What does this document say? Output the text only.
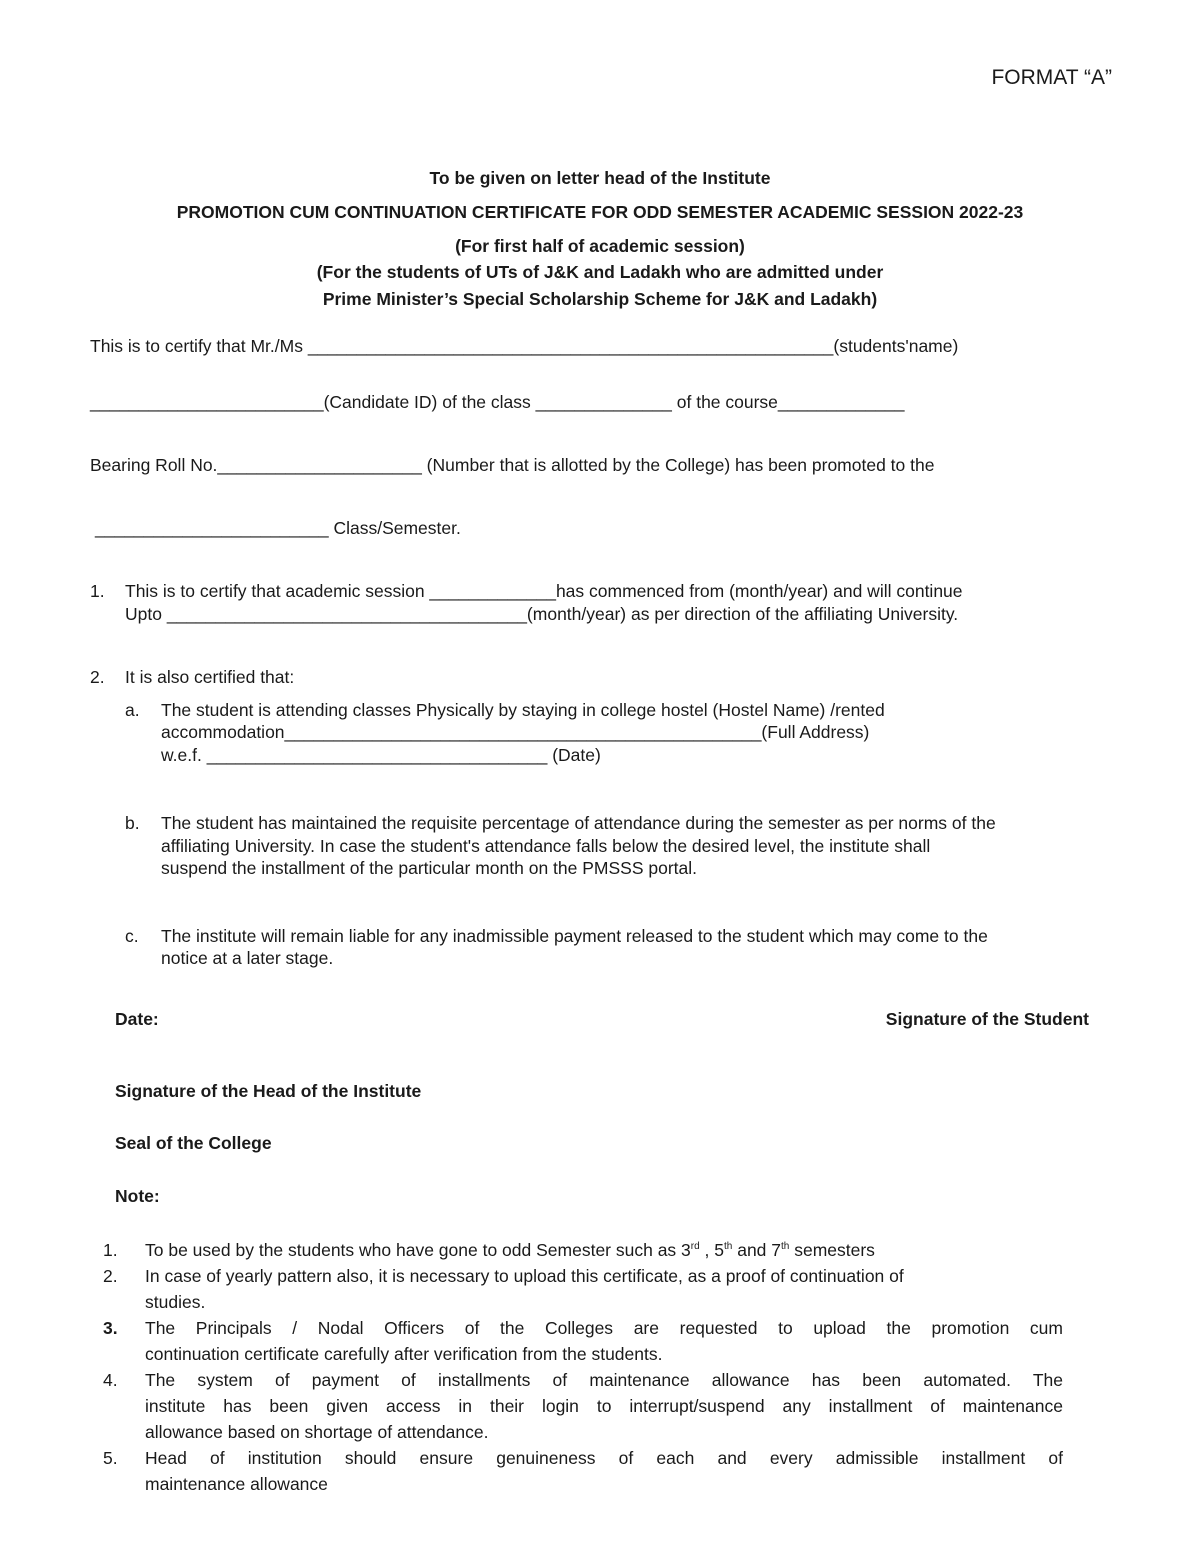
FORMAT “A”
To be given on letter head of the Institute
PROMOTION CUM CONTINUATION CERTIFICATE FOR ODD SEMESTER ACADEMIC SESSION 2022-23
(For first half of academic session)
(For the students of UTs of J&K and Ladakh who are admitted under
Prime Minister’s Special Scholarship Scheme for J&K and Ladakh)
This is to certify that Mr./Ms ______________________________________________________(students'name)
________________________(Candidate ID) of the class ______________ of the course_____________
Bearing Roll No._____________________ (Number that is allotted by the College) has been promoted to the
________________________ Class/Semester.
1. This is to certify that academic session _____________has commenced from (month/year) and will continue
Upto _____________________________________(month/year) as per direction of the affiliating University.
2. It is also certified that:
a. The student is attending classes Physically by staying in college hostel (Hostel Name) /rented
accommodation_________________________________________________(Full Address)
w.e.f. ___________________________________ (Date)
b. The student has maintained the requisite percentage of attendance during the semester as per norms of the
affiliating University. In case the student's attendance falls below the desired level, the institute shall
suspend the installment of the particular month on the PMSSS portal.
c. The institute will remain liable for any inadmissible payment released to the student which may come to the
notice at a later stage.
Date:	Signature of the Student
Signature of the Head of the Institute
Seal of the College
Note:
1. To be used by the students who have gone to odd Semester such as 3rd , 5th and 7th semesters
2. In case of yearly pattern also, it is necessary to upload this certificate, as a proof of continuation of
studies.
3. The Principals / Nodal Officers of the Colleges are requested to upload the promotion cum
continuation certificate carefully after verification from the students.
4. The system of payment of installments of maintenance allowance has been automated. The
institute has been given access in their login to interrupt/suspend any installment of maintenance
allowance based on shortage of attendance.
5. Head of institution should ensure genuineness of each and every admissible installment of
maintenance allowance
